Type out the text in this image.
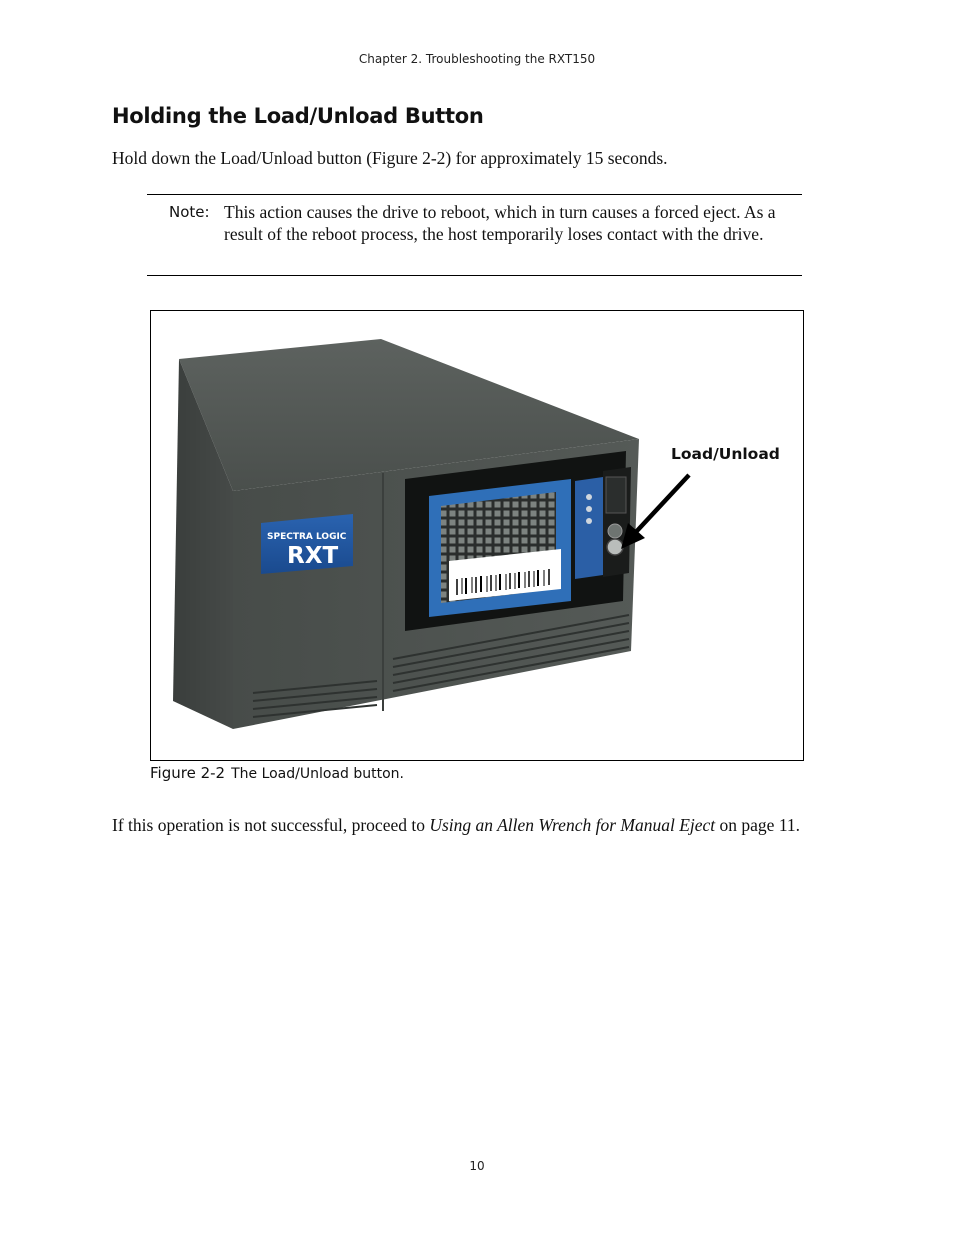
Chapter 2. Troubleshooting the RXT150
Holding the Load/Unload Button
Hold down the Load/Unload button (Figure 2-2) for approximately 15 seconds.
Note: This action causes the drive to reboot, which in turn causes a forced eject. As a result of the reboot process, the host temporarily loses contact with the drive.
SPECTRA LOGIC
RXT
Load/Unload
Figure 2-2 The Load/Unload button.
If this operation is not successful, proceed to Using an Allen Wrench for Manual Eject on page 11.
10
